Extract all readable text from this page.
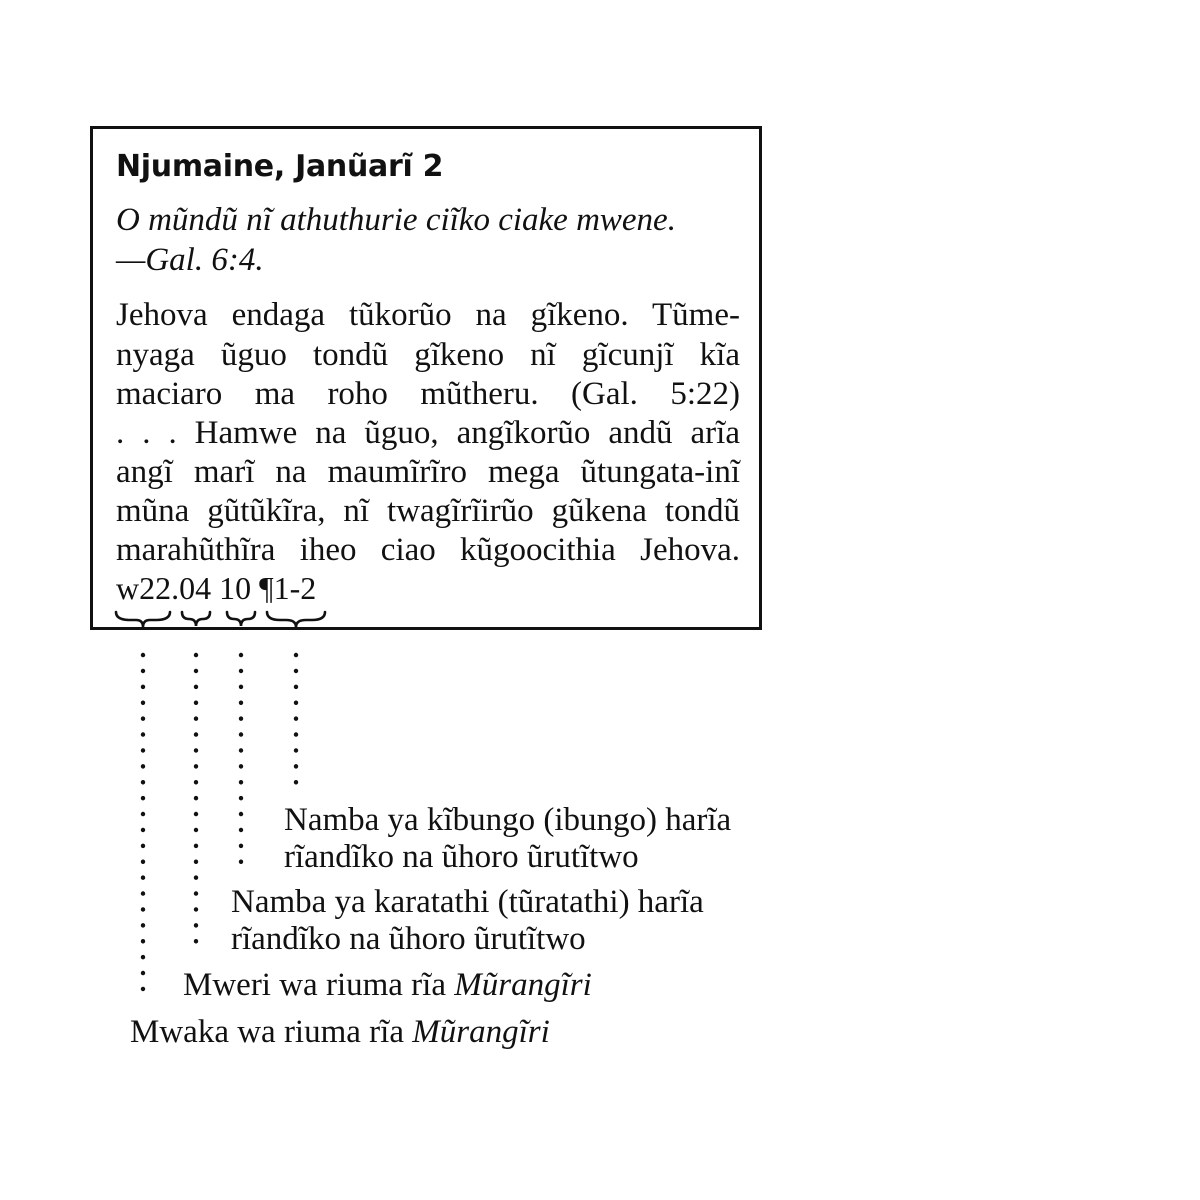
Njumaine, Janũarĩ 2
O mũndũ nĩ athuthurie ciĩko ciake mwene.
—Gal. 6:4.
Jehova endaga tũkorũo na gĩkeno. Tũme-
nyaga ũguo tondũ gĩkeno nĩ gĩcunjĩ kĩa
maciaro ma roho mũtheru. (Gal. 5:22)
. . . Hamwe na ũguo, angĩkorũo andũ arĩa
angĩ marĩ na maumĩrĩro mega ũtungata-inĩ
mũna gũtũkĩra, nĩ twagĩrĩirũo gũkena tondũ
marahũthĩra iheo ciao kũgoocithia Jehova.
w22.04 10 ¶1-2
Namba ya kĩbungo (ibungo) harĩa
rĩandĩko na ũhoro ũrutĩtwo
Namba ya karatathi (tũratathi) harĩa
rĩandĩko na ũhoro ũrutĩtwo
Mweri wa riuma rĩa Mũrangĩri
Mwaka wa riuma rĩa Mũrangĩri
